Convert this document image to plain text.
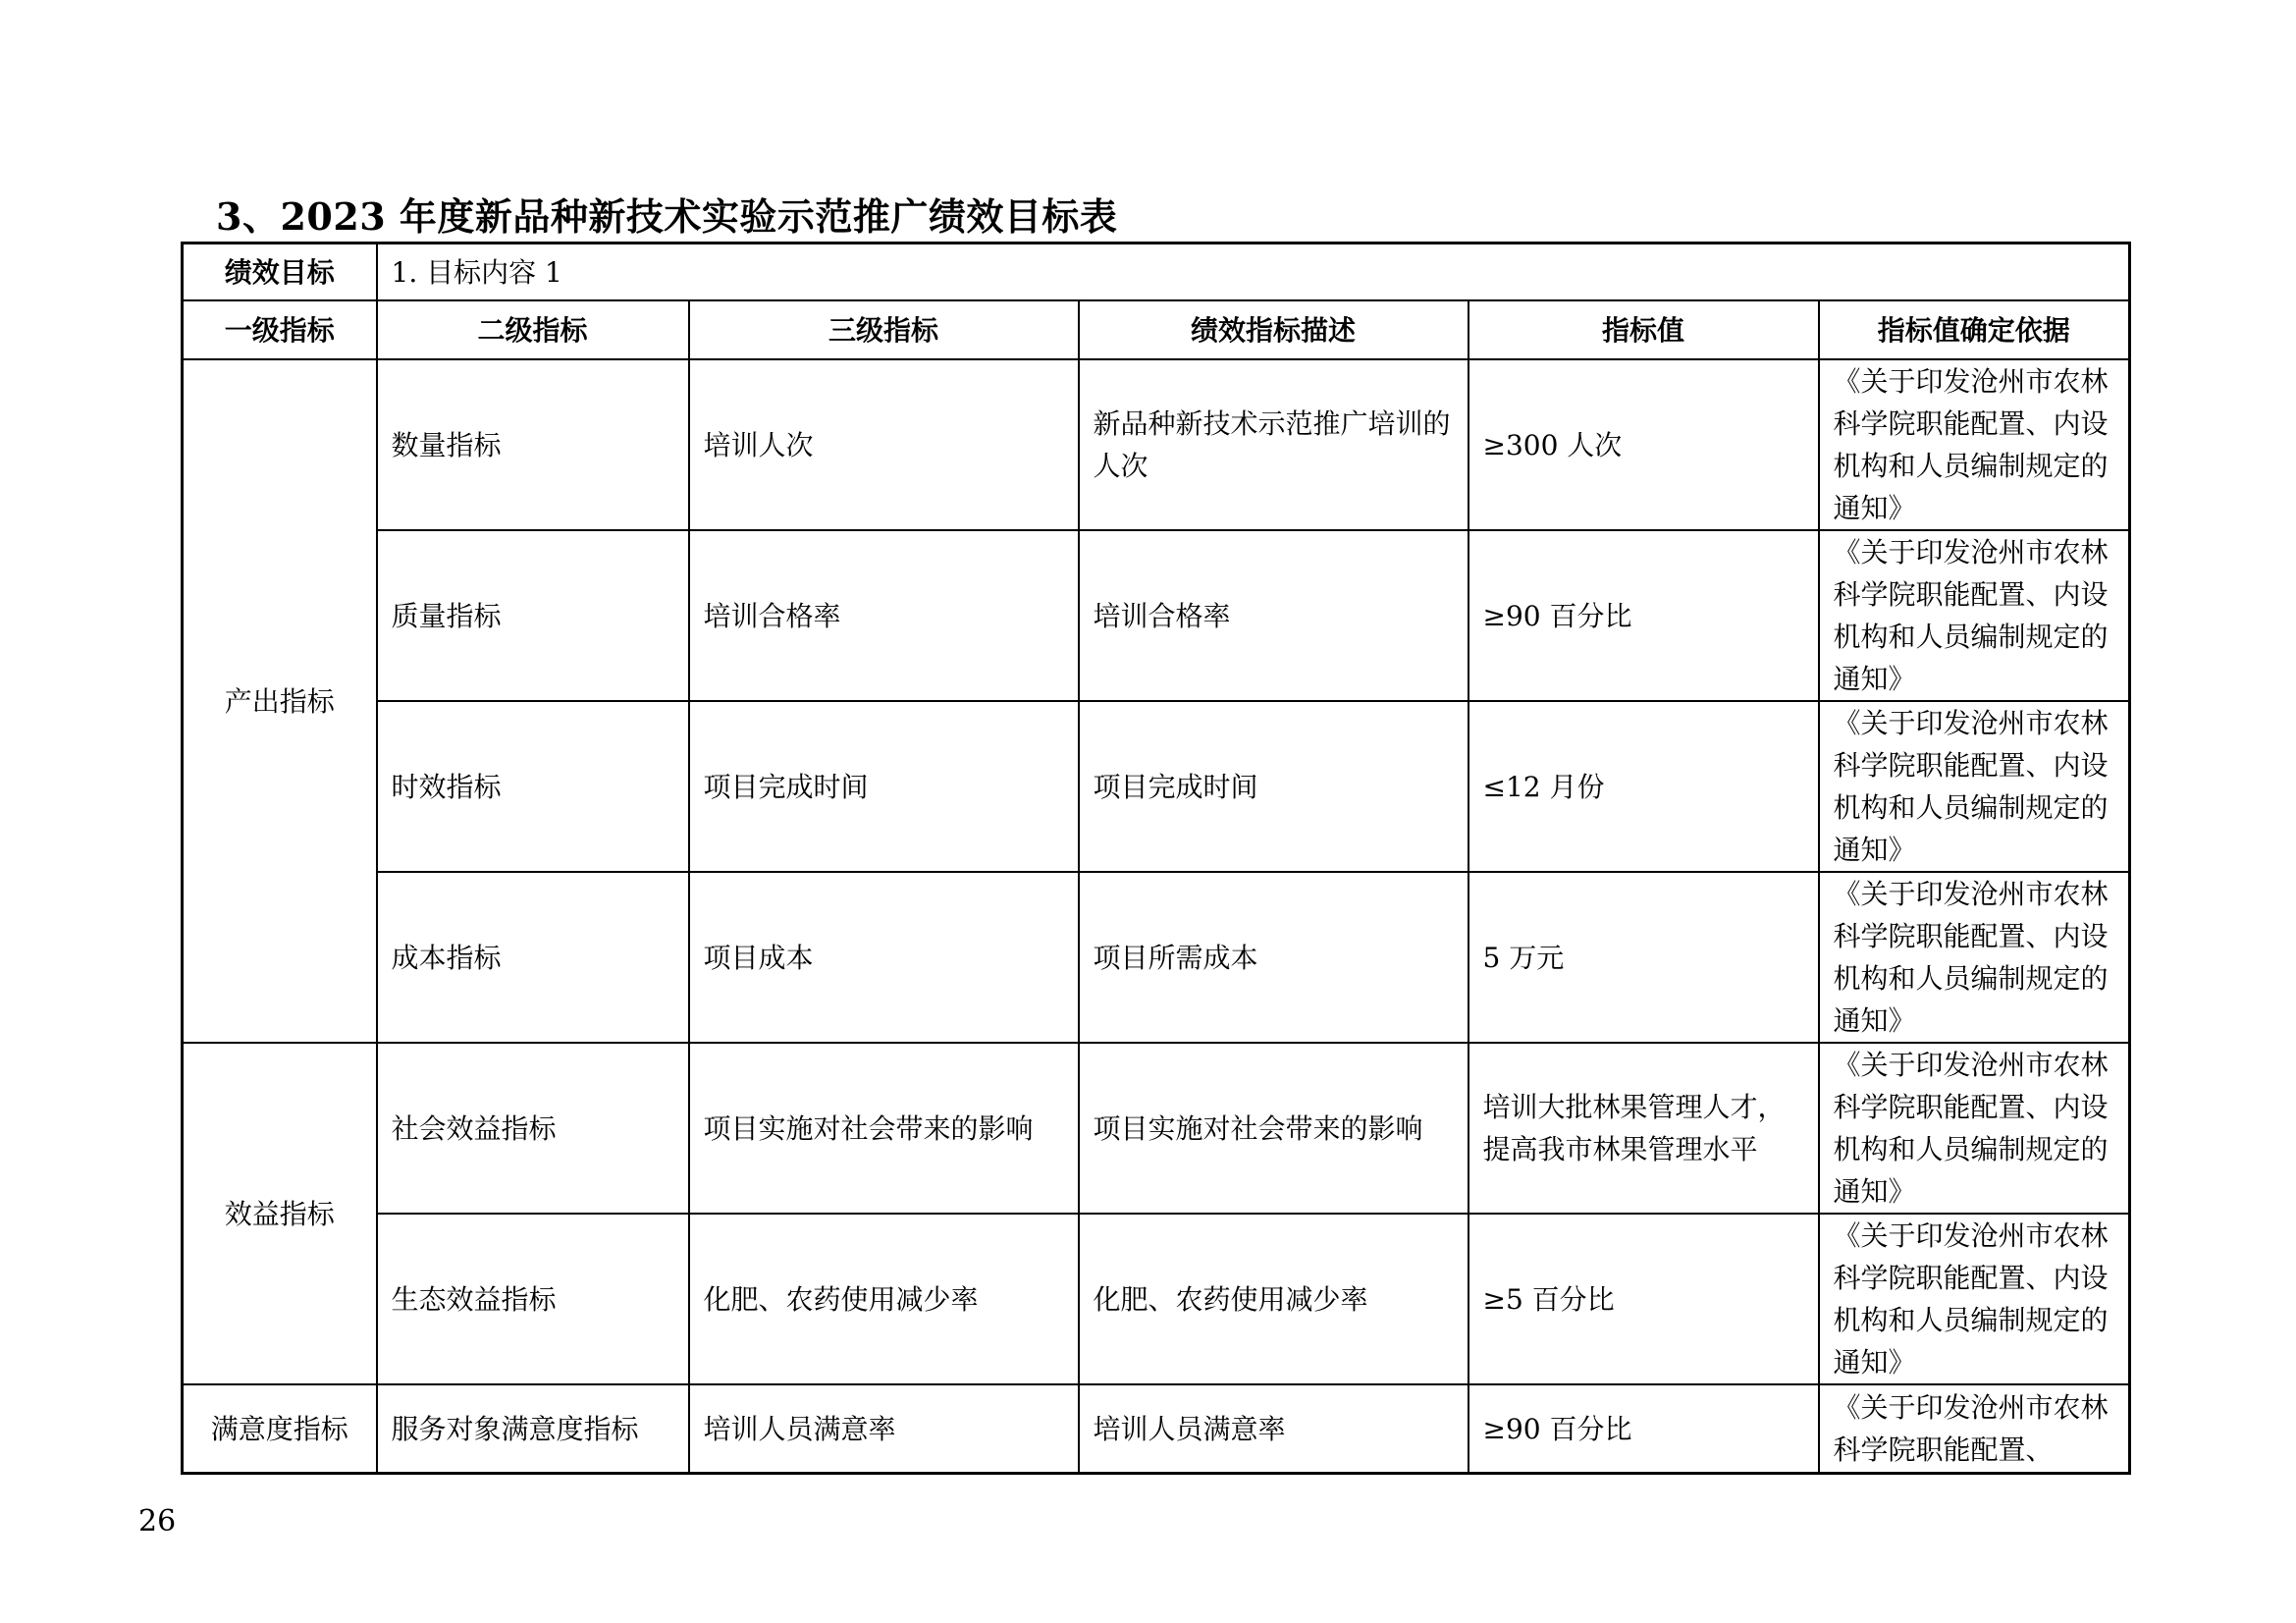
3、2023 年度新品种新技术实验示范推广绩效目标表
绩效目标	1. 目标内容 1				
一级指标	二级指标	三级指标	绩效指标描述	指标值	指标值确定依据
产出指标	数量指标	培训人次	新品种新技术示范推广培训的人次	≥300 人次	《关于印发沧州市农林科学院职能配置、内设机构和人员编制规定的通知》
	质量指标	培训合格率	培训合格率	≥90 百分比	《关于印发沧州市农林科学院职能配置、内设机构和人员编制规定的通知》
	时效指标	项目完成时间	项目完成时间	≤12 月份	《关于印发沧州市农林科学院职能配置、内设机构和人员编制规定的通知》
	成本指标	项目成本	项目所需成本	5 万元	《关于印发沧州市农林科学院职能配置、内设机构和人员编制规定的通知》
效益指标	社会效益指标	项目实施对社会带来的影响	项目实施对社会带来的影响	培训大批林果管理人才，提高我市林果管理水平	《关于印发沧州市农林科学院职能配置、内设机构和人员编制规定的通知》
	生态效益指标	化肥、农药使用减少率	化肥、农药使用减少率	≥5 百分比	《关于印发沧州市农林科学院职能配置、内设机构和人员编制规定的通知》
满意度指标	服务对象满意度指标	培训人员满意率	培训人员满意率	≥90 百分比	《关于印发沧州市农林科学院职能配置、
26
